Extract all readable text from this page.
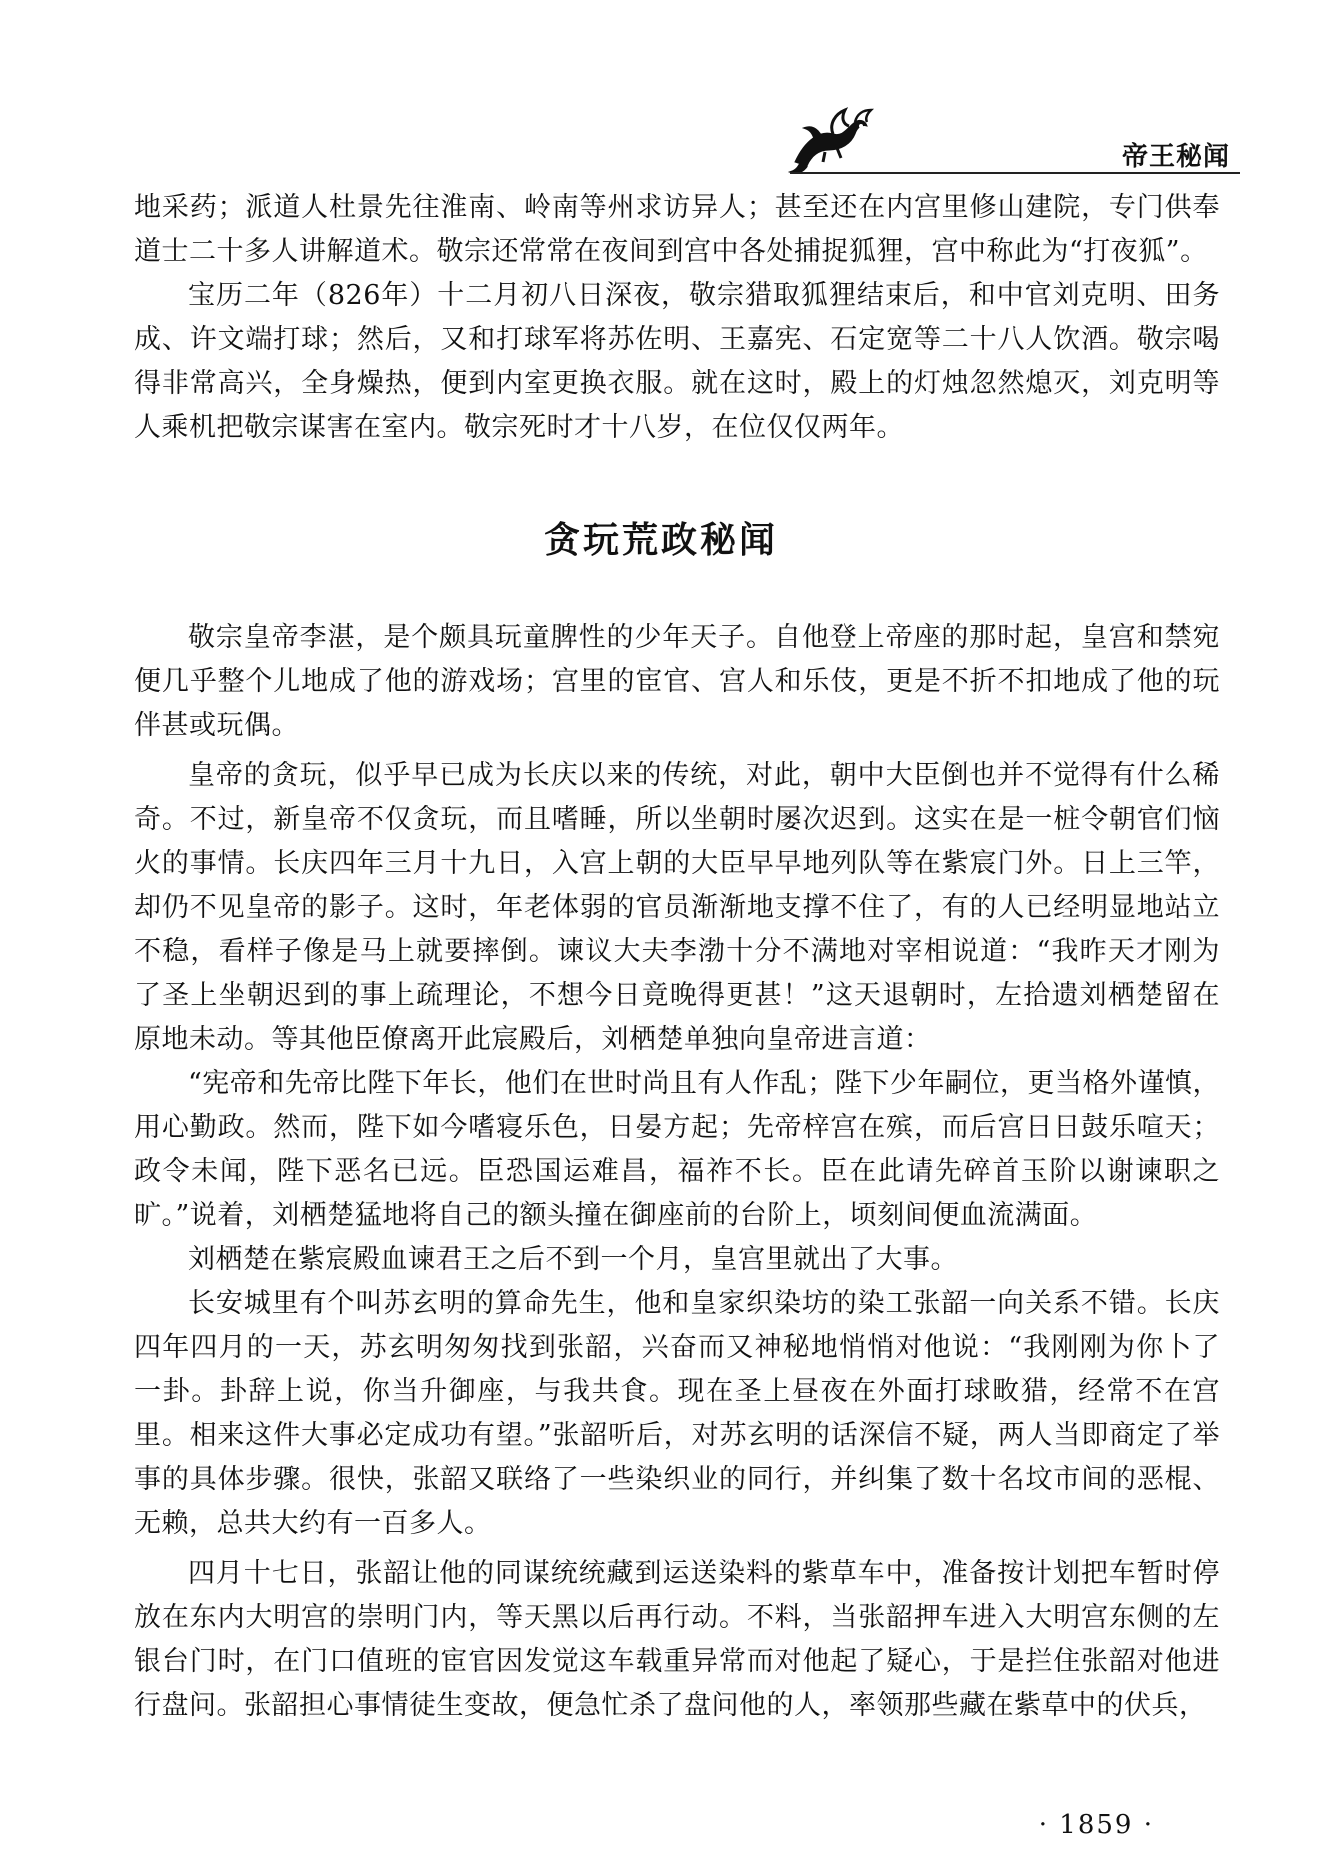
帝王秘闻

地采药；派道人杜景先往淮南、岭南等州求访异人；甚至还在内宫里修山建院，专门供奉道士二十多人讲解道术。敬宗还常常在夜间到宫中各处捕捉狐狸，宫中称此为“打夜狐”。

宝历二年（826年）十二月初八日深夜，敬宗猎取狐狸结束后，和中官刘克明、田务成、许文端打球；然后，又和打球军将苏佐明、王嘉宪、石定宽等二十八人饮酒。敬宗喝得非常高兴，全身燥热，便到内室更换衣服。就在这时，殿上的灯烛忽然熄灭，刘克明等人乘机把敬宗谋害在室内。敬宗死时才十八岁，在位仅仅两年。

贪玩荒政秘闻

敬宗皇帝李湛，是个颇具玩童脾性的少年天子。自他登上帝座的那时起，皇宫和禁宛便几乎整个儿地成了他的游戏场；宫里的宦官、宫人和乐伎，更是不折不扣地成了他的玩伴甚或玩偶。

皇帝的贪玩，似乎早已成为长庆以来的传统，对此，朝中大臣倒也并不觉得有什么稀奇。不过，新皇帝不仅贪玩，而且嗜睡，所以坐朝时屡次迟到。这实在是一桩令朝官们恼火的事情。长庆四年三月十九日，入宫上朝的大臣早早地列队等在紫宸门外。日上三竿，却仍不见皇帝的影子。这时，年老体弱的官员渐渐地支撑不住了，有的人已经明显地站立不稳，看样子像是马上就要摔倒。谏议大夫李渤十分不满地对宰相说道：“我昨天才刚为了圣上坐朝迟到的事上疏理论，不想今日竟晚得更甚！”这天退朝时，左拾遗刘栖楚留在原地未动。等其他臣僚离开此宸殿后，刘栖楚单独向皇帝进言道：

“宪帝和先帝比陛下年长，他们在世时尚且有人作乱；陛下少年嗣位，更当格外谨慎，用心勤政。然而，陛下如今嗜寝乐色，日晏方起；先帝梓宫在殡，而后宫日日鼓乐喧天；政令未闻，陛下恶名已远。臣恐国运难昌，福祚不长。臣在此请先碎首玉阶以谢谏职之旷。”说着，刘栖楚猛地将自己的额头撞在御座前的台阶上，顷刻间便血流满面。

刘栖楚在紫宸殿血谏君王之后不到一个月，皇宫里就出了大事。

长安城里有个叫苏玄明的算命先生，他和皇家织染坊的染工张韶一向关系不错。长庆四年四月的一天，苏玄明匆匆找到张韶，兴奋而又神秘地悄悄对他说：“我刚刚为你卜了一卦。卦辞上说，你当升御座，与我共食。现在圣上昼夜在外面打球畋猎，经常不在宫里。相来这件大事必定成功有望。”张韶听后，对苏玄明的话深信不疑，两人当即商定了举事的具体步骤。很快，张韶又联络了一些染织业的同行，并纠集了数十名坟市间的恶棍、无赖，总共大约有一百多人。

四月十七日，张韶让他的同谋统统藏到运送染料的紫草车中，准备按计划把车暂时停放在东内大明宫的崇明门内，等天黑以后再行动。不料，当张韶押车进入大明宫东侧的左银台门时，在门口值班的宦官因发觉这车载重异常而对他起了疑心，于是拦住张韶对他进行盘问。张韶担心事情徒生变故，便急忙杀了盘问他的人，率领那些藏在紫草中的伏兵，

· 1859 ·
